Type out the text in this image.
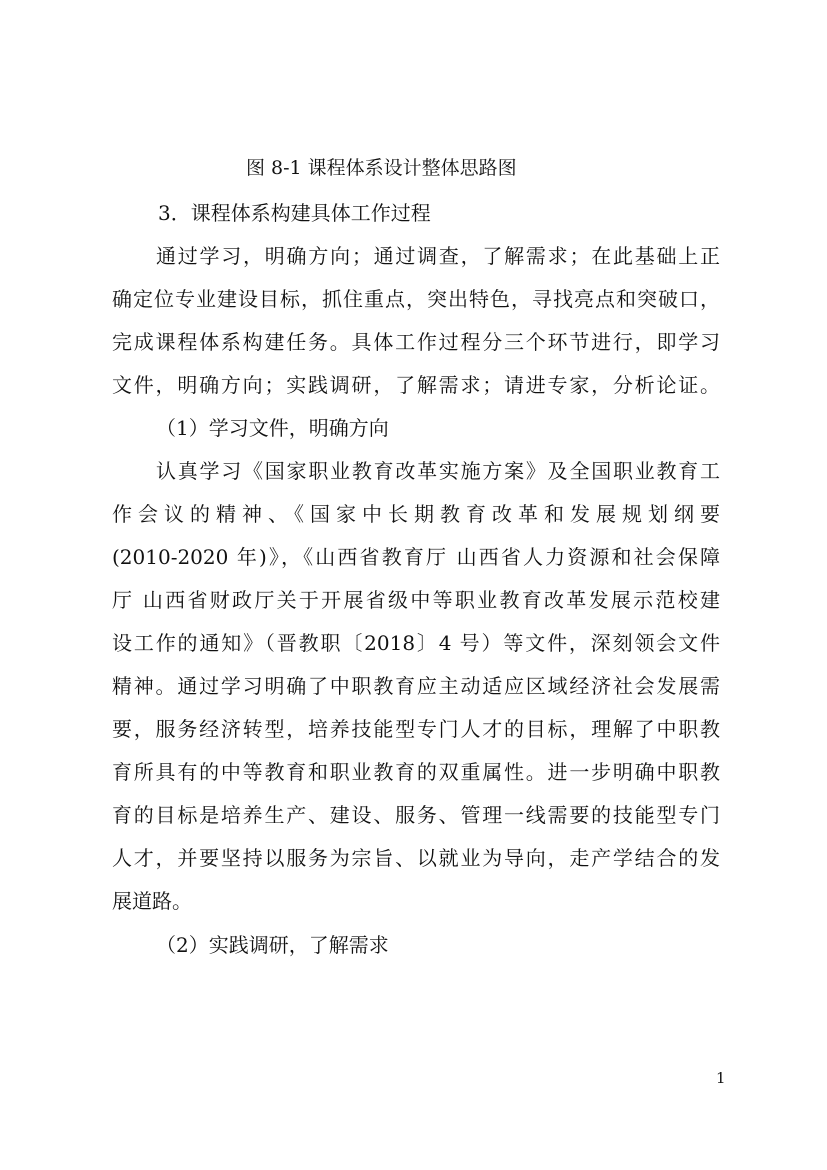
图 8-1 课程体系设计整体思路图
3．课程体系构建具体工作过程
通过学习，明确方向；通过调查，了解需求；在此基础上正
确定位专业建设目标，抓住重点，突出特色，寻找亮点和突破口，
完成课程体系构建任务。具体工作过程分三个环节进行，即学习
文件，明确方向；实践调研，了解需求；请进专家，分析论证。
（1）学习文件，明确方向
认真学习《国家职业教育改革实施方案》及全国职业教育工
作会议的精神、《国家中长期教育改革和发展规划纲要
(2010-2020 年)》，《山西省教育厅 山西省人力资源和社会保障
厅 山西省财政厅关于开展省级中等职业教育改革发展示范校建
设工作的通知》（晋教职〔2018〕4 号）等文件，深刻领会文件
精神。通过学习明确了中职教育应主动适应区域经济社会发展需
要，服务经济转型，培养技能型专门人才的目标，理解了中职教
育所具有的中等教育和职业教育的双重属性。进一步明确中职教
育的目标是培养生产、建设、服务、管理一线需要的技能型专门
人才，并要坚持以服务为宗旨、以就业为导向，走产学结合的发
展道路。
（2）实践调研，了解需求
1
